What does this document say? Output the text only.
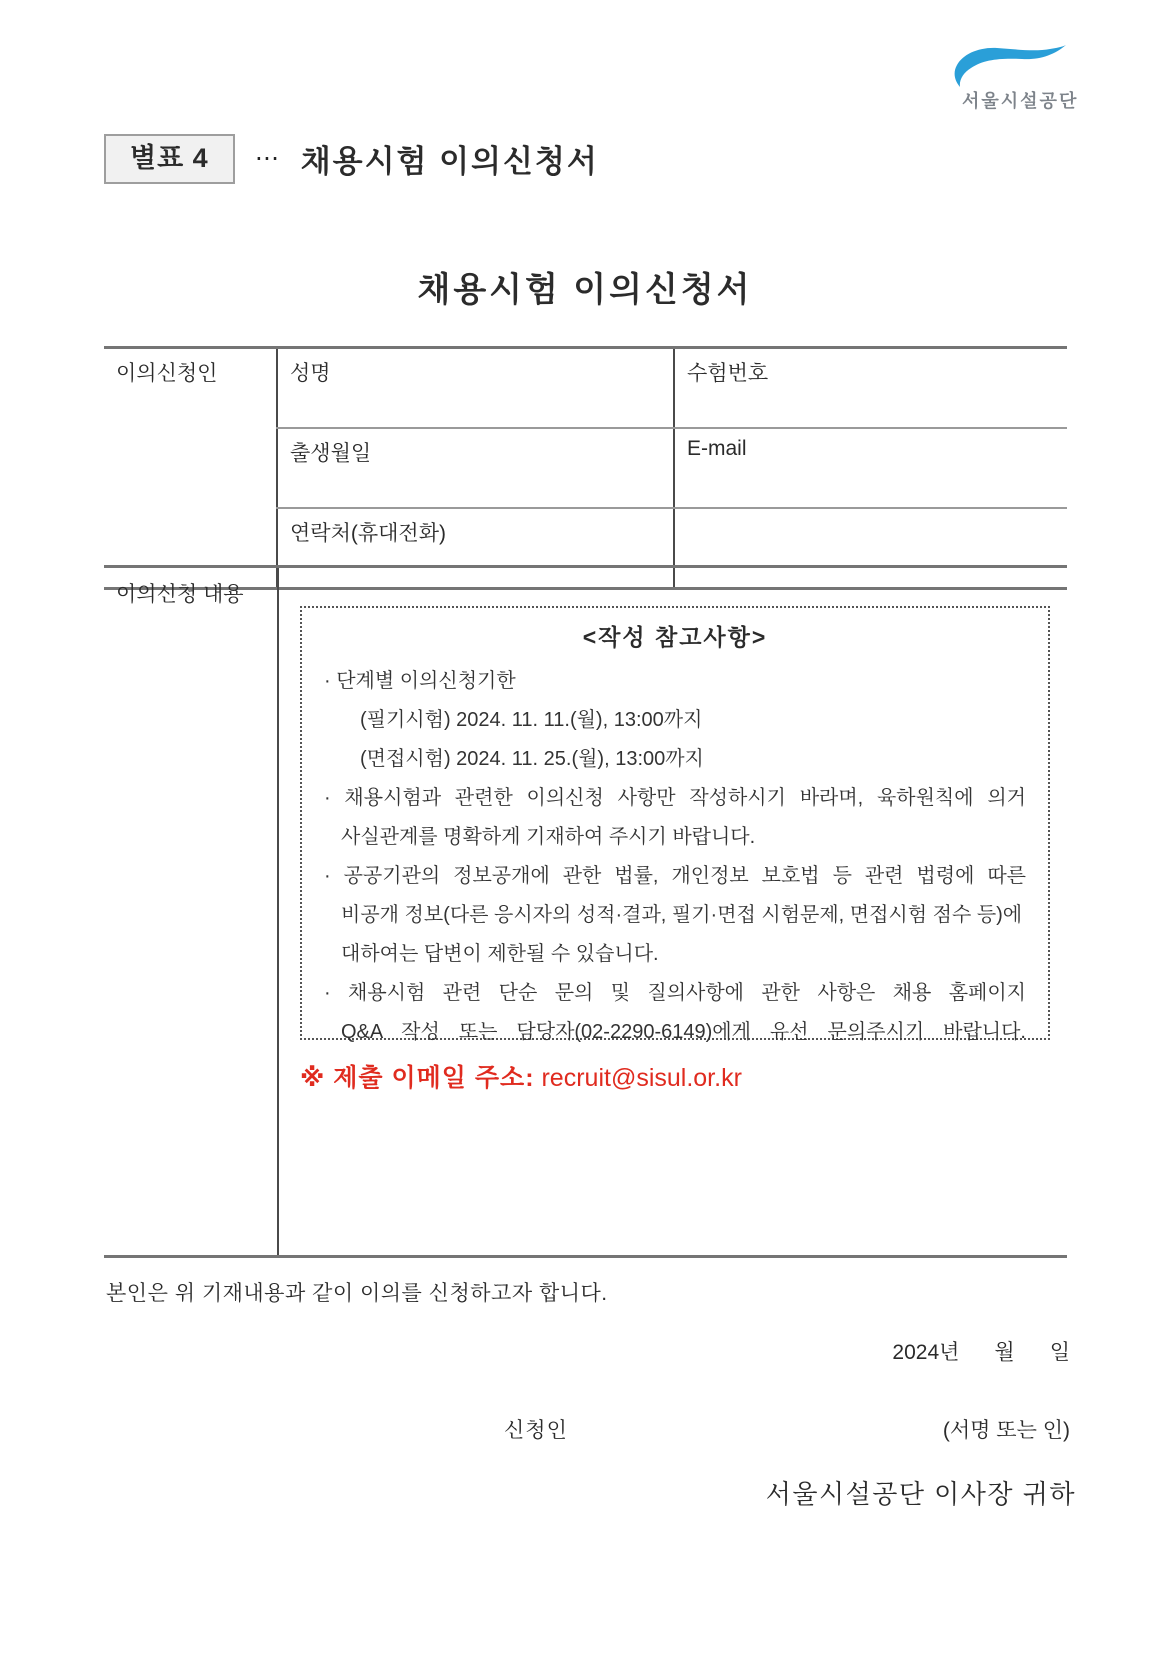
서울시설공단
별표 4	⋯ 채용시험 이의신청서
채용시험 이의신청서
이의신청인	성명	수험번호
	출생월일	E-mail
	연락처(휴대전화)	
이의신청 내용
<작성 참고사항>
· 단계별 이의신청기한
(필기시험) 2024. 11. 11.(월), 13:00까지
(면접시험) 2024. 11. 25.(월), 13:00까지
· 채용시험과 관련한 이의신청 사항만 작성하시기 바라며, 육하원칙에 의거
사실관계를 명확하게 기재하여 주시기 바랍니다.
· 공공기관의 정보공개에 관한 법률, 개인정보 보호법 등 관련 법령에 따른
비공개 정보(다른 응시자의 성적·결과, 필기·면접 시험문제, 면접시험 점수 등)에
대하여는 답변이 제한될 수 있습니다.
· 채용시험 관련 단순 문의 및 질의사항에 관한 사항은 채용 홈페이지
Q&A 작성 또는 담당자(02-2290-6149)에게 유선 문의주시기 바랍니다.
※ 제출 이메일 주소: recruit@sisul.or.kr
본인은 위 기재내용과 같이 이의를 신청하고자 합니다.
2024년      월      일
신청인	(서명 또는 인)
서울시설공단 이사장 귀하
